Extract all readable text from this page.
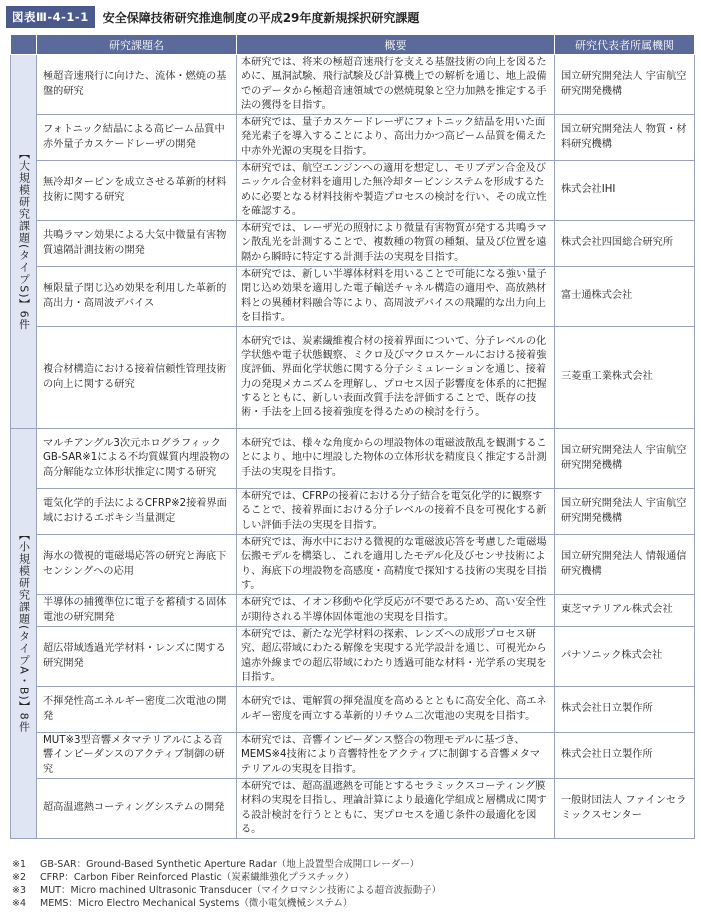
図表Ⅲ-4-1-1	安全保障技術研究推進制度の平成29年度新規採択研究課題
	研究課題名	概要	研究代表者所属機関
【大規模研究課題(タイプS)】6件	極超音速飛行に向けた、流体・燃焼の基盤的研究	本研究では、将来の極超音速飛行を支える基盤技術の向上を図るために、風洞試験、飛行試験及び計算機上での解析を通じ、地上設備でのデータから極超音速領域での燃焼現象と空力加熱を推定する手法の獲得を目指す。	国立研究開発法人 宇宙航空研究開発機構
	フォトニック結晶による高ビーム品質中赤外量子カスケードレーザの開発	本研究では、量子カスケードレーザにフォトニック結晶を用いた面発光素子を導入することにより、高出力かつ高ビーム品質を備えた中赤外光源の実現を目指す。	国立研究開発法人 物質・材料研究機構
	無冷却タービンを成立させる革新的材料技術に関する研究	本研究では、航空エンジンへの適用を想定し、モリブデン合金及びニッケル合金材料を適用した無冷却タービンシステムを形成するために必要となる材料技術や製造プロセスの検討を行い、その成立性を確認する。	株式会社IHI
	共鳴ラマン効果による大気中微量有害物質遠隔計測技術の開発	本研究では、レーザ光の照射により微量有害物質が発する共鳴ラマン散乱光を計測することで、複数種の物質の種類、量及び位置を遠隔から瞬時に特定する計測手法の実現を目指す。	株式会社四国総合研究所
	極限量子閉じ込め効果を利用した革新的高出力・高周波デバイス	本研究では、新しい半導体材料を用いることで可能になる強い量子閉じ込め効果を適用した電子輸送チャネル構造の適用や、高放熱材料との異種材料融合等により、高周波デバイスの飛躍的な出力向上を目指す。	富士通株式会社
	複合材構造における接着信頼性管理技術の向上に関する研究	本研究では、炭素繊維複合材の接着界面について、分子レベルの化学状態や電子状態観察、ミクロ及びマクロスケールにおける接着強度評価、界面化学状態に関する分子シミュレーションを通じ、接着力の発現メカニズムを理解し、プロセス因子影響度を体系的に把握するとともに、新しい表面改質手法を評価することで、既存の技術・手法を上回る接着強度を得るための検討を行う。	三菱重工業株式会社
【小規模研究課題(タイプA・B)】8件	マルチアングル3次元ホログラフィックGB-SAR※1による不均質媒質内埋設物の高分解能な立体形状推定に関する研究	本研究では、様々な角度からの埋設物体の電磁波散乱を観測することにより、地中に埋設した物体の立体形状を精度良く推定する計測手法の実現を目指す。	国立研究開発法人 宇宙航空研究開発機構
	電気化学的手法によるCFRP※2接着界面域におけるエポキシ当量測定	本研究では、CFRPの接着における分子結合を電気化学的に観察することで、接着界面における分子レベルの接着不良を可視化する新しい評価手法の実現を目指す。	国立研究開発法人 宇宙航空研究開発機構
	海水の微視的電磁場応答の研究と海底下センシングへの応用	本研究では、海水中における微視的な電磁波応答を考慮した電磁場伝搬モデルを構築し、これを適用したモデル化及びセンサ技術により、海底下の埋設物を高感度・高精度で探知する技術の実現を目指す。	国立研究開発法人 情報通信研究機構
	半導体の捕獲準位に電子を蓄積する固体電池の研究開発	本研究では、イオン移動や化学反応が不要であるため、高い安全性が期待される半導体固体電池の実現を目指す。	東芝マテリアル株式会社
	超広帯域透過光学材料・レンズに関する研究開発	本研究では、新たな光学材料の探索、レンズへの成形プロセス研究、超広帯域にわたる解像を実現する光学設計を通じ、可視光から遠赤外線までの超広帯域にわたり透過可能な材料・光学系の実現を目指す。	パナソニック株式会社
	不揮発性高エネルギー密度二次電池の開発	本研究では、電解質の揮発温度を高めるとともに高安全化、高エネルギー密度を両立する革新的リチウム二次電池の実現を目指す。	株式会社日立製作所
	MUT※3型音響メタマテリアルによる音響インピーダンスのアクティブ制御の研究	本研究では、音響インピーダンス整合の物理モデルに基づき、MEMS※4技術により音響特性をアクティブに制御する音響メタマテリアルの実現を目指す。	株式会社日立製作所
	超高温遮熱コーティングシステムの開発	本研究では、超高温遮熱を可能とするセラミックスコーティング膜材料の実現を目指し、理論計算により最適化学組成と層構成に関する設計検討を行うとともに、実プロセスを通じ条件の最適化を図る。	一般財団法人 ファインセラミックスセンター
※1	GB-SAR：Ground-Based Synthetic Aperture Radar（地上設置型合成開口レーダー）
※2	CFRP：Carbon Fiber Reinforced Plastic（炭素繊維強化プラスチック）
※3	MUT：Micro machined Ultrasonic Transducer（マイクロマシン技術による超音波振動子）
※4	MEMS：Micro Electro Mechanical Systems（微小電気機械システム）
